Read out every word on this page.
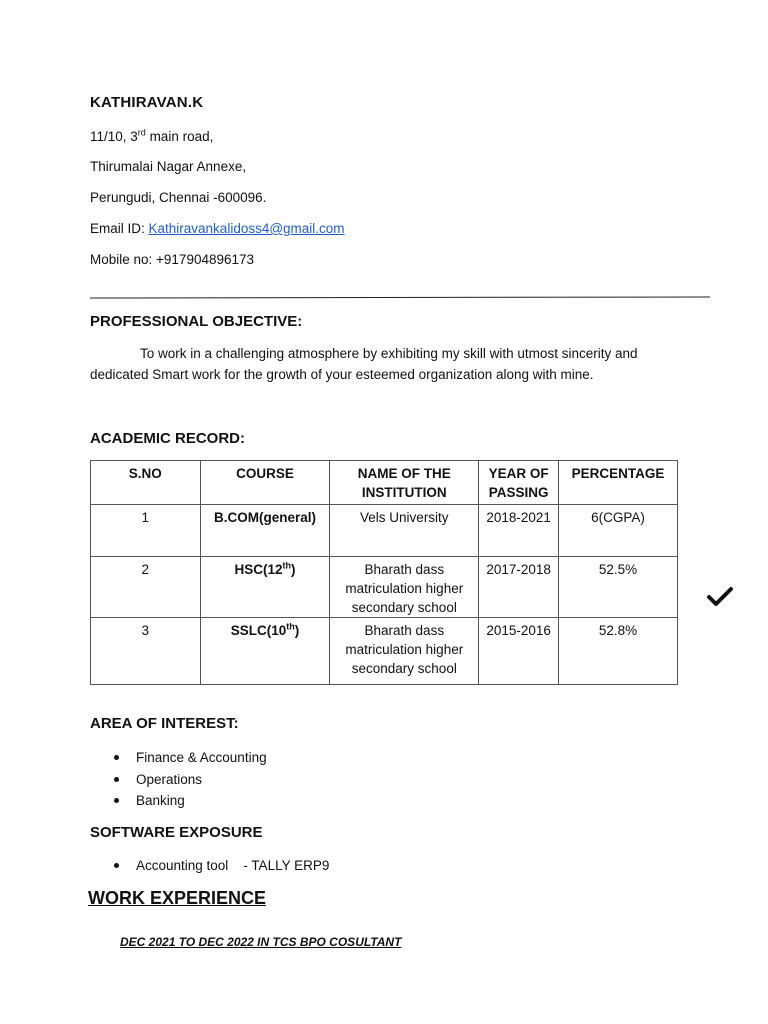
KATHIRAVAN.K
11/10, 3rd main road,
Thirumalai Nagar Annexe,
Perungudi, Chennai -600096.
Email ID: Kathiravankalidoss4@gmail.com
Mobile no: +917904896173
PROFESSIONAL OBJECTIVE:
To work in a challenging atmosphere by exhibiting my skill with utmost sincerity and dedicated Smart work for the growth of your esteemed organization along with mine.
ACADEMIC RECORD:
S.NO	COURSE	NAME OF THE INSTITUTION	YEAR OF PASSING	PERCENTAGE
1	B.COM(general)	Vels University	2018-2021	6(CGPA)
2	HSC(12th)	Bharath dass matriculation higher secondary school	2017-2018	52.5%
3	SSLC(10th)	Bharath dass matriculation higher secondary school	2015-2016	52.8%
AREA OF INTEREST:
Finance & Accounting
Operations
Banking
SOFTWARE EXPOSURE
Accounting tool    - TALLY ERP9
WORK EXPERIENCE
DEC 2021 TO DEC 2022 IN TCS BPO COSULTANT
